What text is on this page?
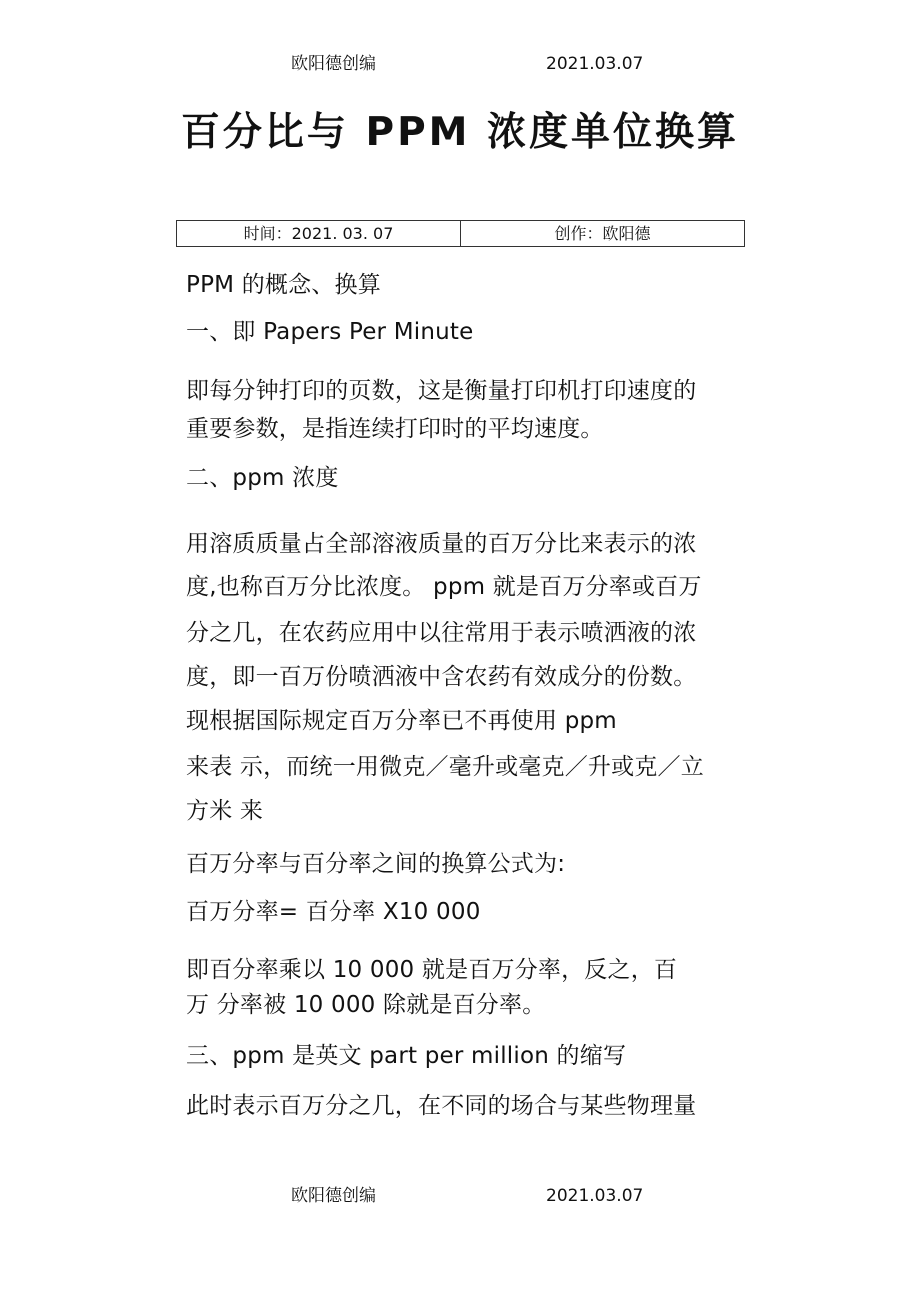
欧阳德创编	2021.03.07
百分比与 PPM 浓度单位换算
时间：2021. 03. 07	创作：欧阳德
PPM 的概念、换算
一、即 Papers Per Minute
即每分钟打印的页数，这是衡量打印机打印速度的
重要参数，是指连续打印时的平均速度。
二、ppm 浓度
用溶质质量占全部溶液质量的百万分比来表示的浓
度,也称百万分比浓度。 ppm 就是百万分率或百万
分之几，在农药应用中以往常用于表示喷洒液的浓
度，即一百万份喷洒液中含农药有效成分的份数。
现根据国际规定百万分率已不再使用 ppm
来表 示，而统一用微克／毫升或毫克／升或克／立
方米 来
百万分率与百分率之间的换算公式为:
百万分率= 百分率 X10 000
即百分率乘以 10 000 就是百万分率，反之，百
万 分率被 10 000 除就是百分率。
三、ppm 是英文 part per million 的缩写
此时表示百万分之几，在不同的场合与某些物理量
欧阳德创编	2021.03.07
